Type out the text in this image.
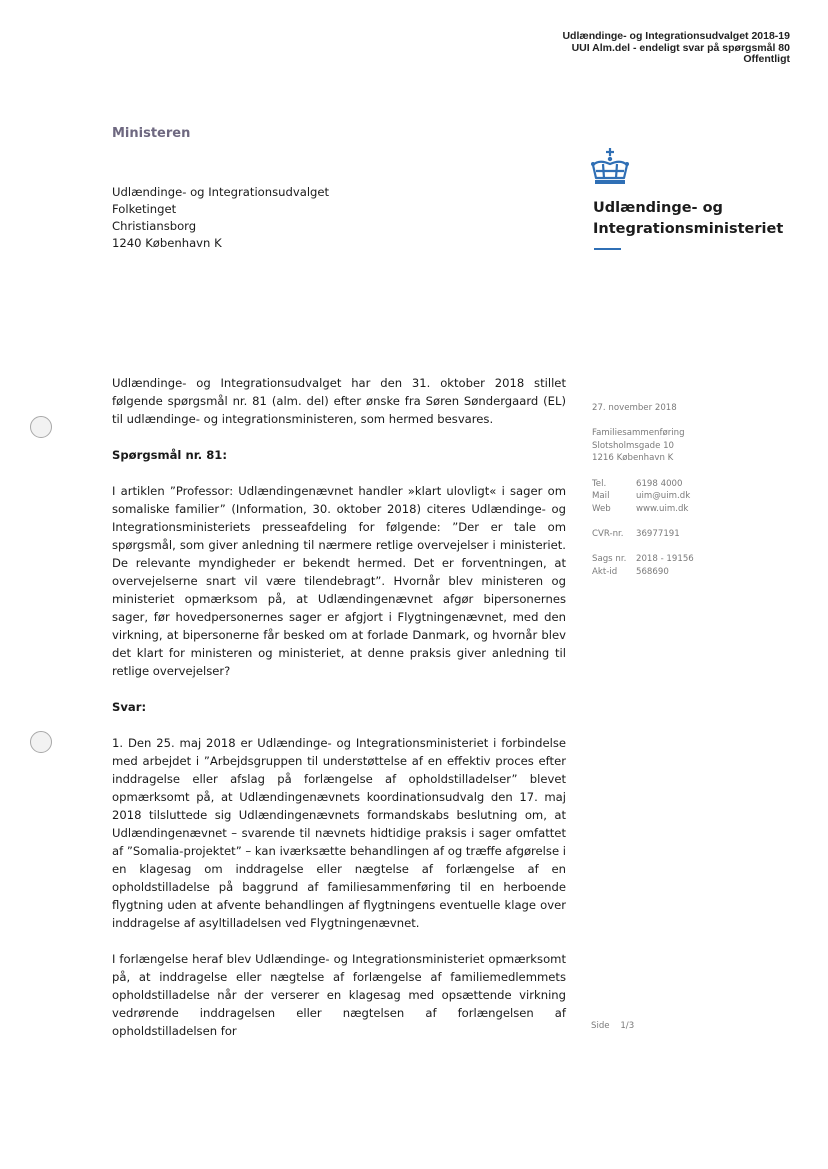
Udlændinge- og Integrationsudvalget 2018-19
UUI Alm.del - endeligt svar på spørgsmål 80
Offentligt
Ministeren
Udlændinge- og Integrationsudvalget
Folketinget
Christiansborg
1240 København K
Udlændinge- og
Integrationsministeriet

Udlændinge- og Integrationsudvalget har den 31. oktober 2018 stillet følgende spørgsmål nr. 81 (alm. del) efter ønske fra Søren Søndergaard (EL) til udlændinge- og integrationsministeren, som hermed besvares.

Spørgsmål nr. 81:

I artiklen ”Professor: Udlændingenævnet handler »klart ulovligt« i sager om somaliske familier” (Information, 30. oktober 2018) citeres Udlændinge- og Integrationsministeriets presseafdeling for følgende: ”Der er tale om spørgsmål, som giver anledning til nærmere retlige overvejelser i ministeriet. De relevante myndigheder er bekendt hermed. Det er forventningen, at overvejelserne snart vil være tilendebragt”. Hvornår blev ministeren og ministeriet opmærksom på, at Udlændingenævnet afgør bipersonernes sager, før hovedpersonernes sager er afgjort i Flygtningenævnet, med den virkning, at bipersonerne får besked om at forlade Danmark, og hvornår blev det klart for ministeren og ministeriet, at denne praksis giver anledning til retlige overvejelser?

Svar:

1. Den 25. maj 2018 er Udlændinge- og Integrationsministeriet i forbindelse med arbejdet i ”Arbejdsgruppen til understøttelse af en effektiv proces efter inddragelse eller afslag på forlængelse af opholdstilladelser” blevet opmærksomt på, at Udlændingenævnets koordinationsudvalg den 17. maj 2018 tilsluttede sig Udlændingenævnets formandskabs beslutning om, at Udlændingenævnet – svarende til nævnets hidtidige praksis i sager omfattet af ”Somalia-projektet” – kan iværksætte behandlingen af og træffe afgørelse i en klagesag om inddragelse eller nægtelse af forlængelse af en opholdstilladelse på baggrund af familiesammenføring til en herboende flygtning uden at afvente behandlingen af flygtningens eventuelle klage over inddragelse af asyltilladelsen ved Flygtningenævnet.

I forlængelse heraf blev Udlændinge- og Integrationsministeriet opmærksomt på, at inddragelse eller nægtelse af forlængelse af familiemedlemmets opholdstilladelse når der verserer en klagesag med opsættende virkning vedrørende inddragelsen eller nægtelsen af forlængelsen af opholdstilladelsen for

27. november 2018
Familiesammenføring
Slotsholmsgade 10
1216 København K
Tel.	6198 4000
Mail	uim@uim.dk
Web	www.uim.dk
CVR-nr.	36977191
Sags nr.	2018 - 19156
Akt-id	568690
Side 1/3
